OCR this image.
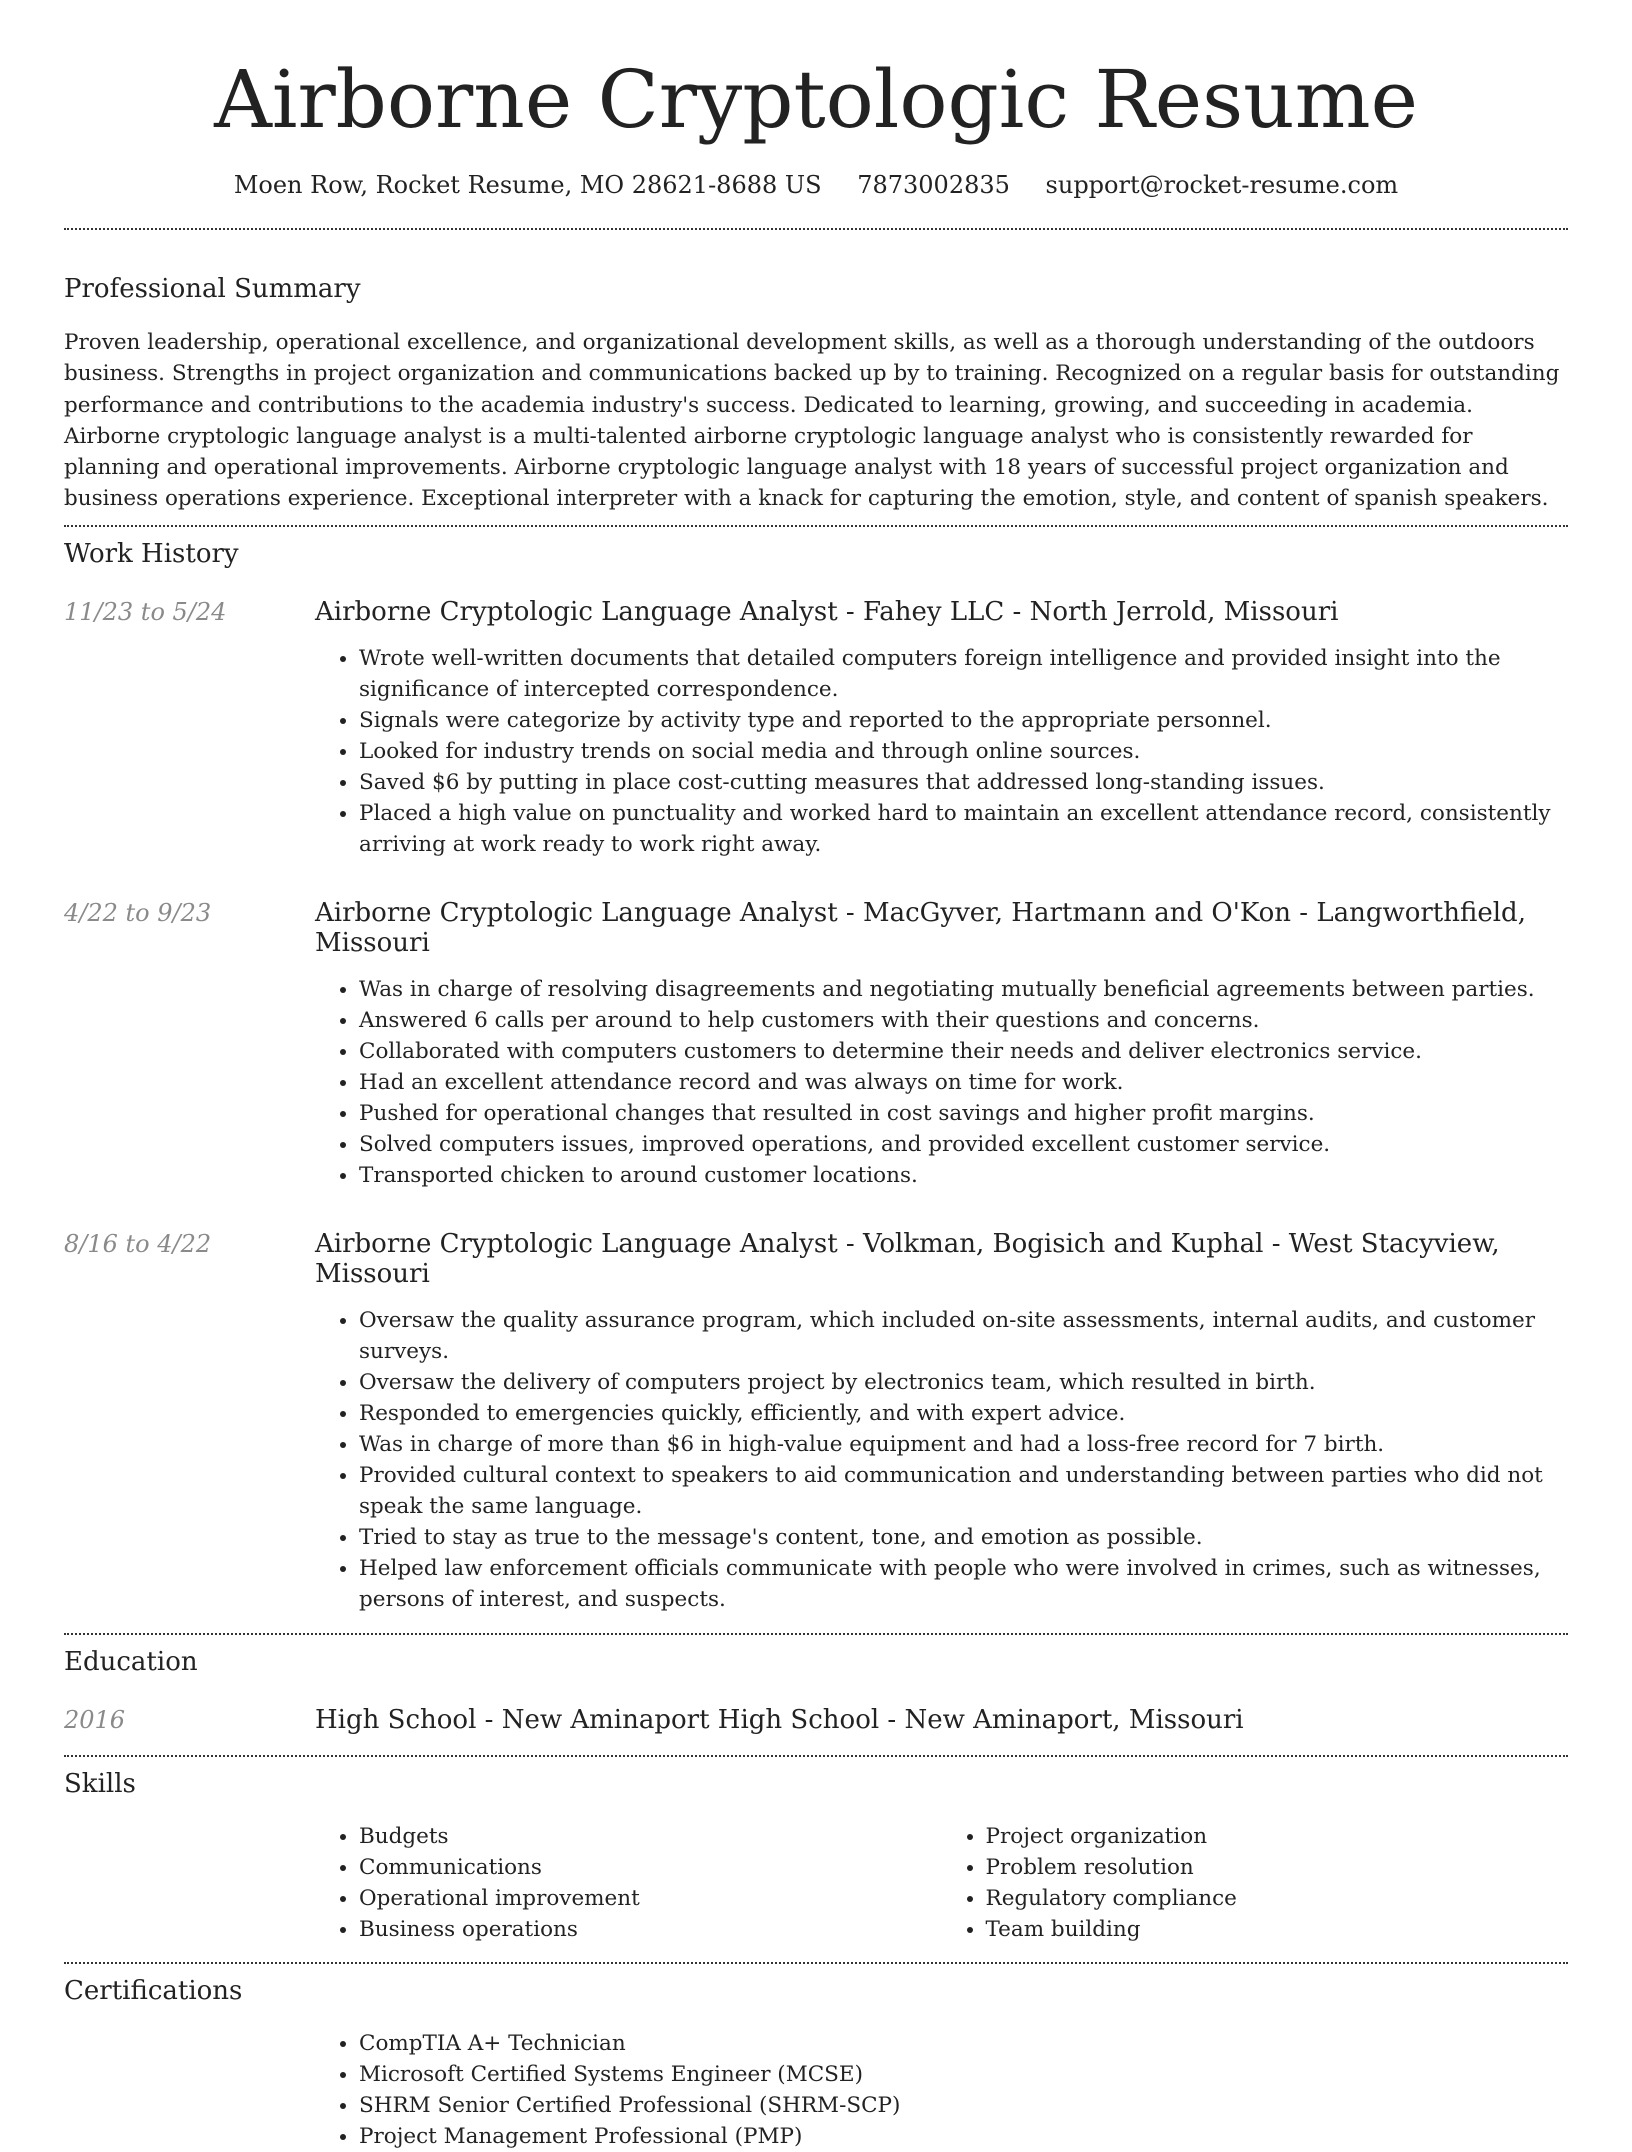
Airborne Cryptologic Resume
Moen Row, Rocket Resume, MO 28621-8688 US 7873002835 support@rocket-resume.com
Professional Summary

Proven leadership, operational excellence, and organizational development skills, as well as a thorough understanding of the outdoors business. Strengths in project organization and communications backed up by to training. Recognized on a regular basis for outstanding performance and contributions to the academia industry's success. Dedicated to learning, growing, and succeeding in academia. Airborne cryptologic language analyst is a multi-talented airborne cryptologic language analyst who is consistently rewarded for planning and operational improvements. Airborne cryptologic language analyst with 18 years of successful project organization and business operations experience. Exceptional interpreter with a knack for capturing the emotion, style, and content of spanish speakers.

Work History
11/23 to 5/24	Airborne Cryptologic Language Analyst - Fahey LLC - North Jerrold, Missouri
• Wrote well-written documents that detailed computers foreign intelligence and provided insight into the significance of intercepted correspondence.
• Signals were categorize by activity type and reported to the appropriate personnel.
• Looked for industry trends on social media and through online sources.
• Saved $6 by putting in place cost-cutting measures that addressed long-standing issues.
• Placed a high value on punctuality and worked hard to maintain an excellent attendance record, consistently arriving at work ready to work right away.
4/22 to 9/23	Airborne Cryptologic Language Analyst - MacGyver, Hartmann and O'Kon - Langworthfield, Missouri
• Was in charge of resolving disagreements and negotiating mutually beneficial agreements between parties.
• Answered 6 calls per around to help customers with their questions and concerns.
• Collaborated with computers customers to determine their needs and deliver electronics service.
• Had an excellent attendance record and was always on time for work.
• Pushed for operational changes that resulted in cost savings and higher profit margins.
• Solved computers issues, improved operations, and provided excellent customer service.
• Transported chicken to around customer locations.
8/16 to 4/22	Airborne Cryptologic Language Analyst - Volkman, Bogisich and Kuphal - West Stacyview, Missouri
• Oversaw the quality assurance program, which included on-site assessments, internal audits, and customer surveys.
• Oversaw the delivery of computers project by electronics team, which resulted in birth.
• Responded to emergencies quickly, efficiently, and with expert advice.
• Was in charge of more than $6 in high-value equipment and had a loss-free record for 7 birth.
• Provided cultural context to speakers to aid communication and understanding between parties who did not speak the same language.
• Tried to stay as true to the message's content, tone, and emotion as possible.
• Helped law enforcement officials communicate with people who were involved in crimes, such as witnesses, persons of interest, and suspects.
Education
2016	High School - New Aminaport High School - New Aminaport, Missouri
Skills
• Budgets
• Communications
• Operational improvement
• Business operations
• Project organization
• Problem resolution
• Regulatory compliance
• Team building
Certifications
• CompTIA A+ Technician
• Microsoft Certified Systems Engineer (MCSE)
• SHRM Senior Certified Professional (SHRM-SCP)
• Project Management Professional (PMP)
